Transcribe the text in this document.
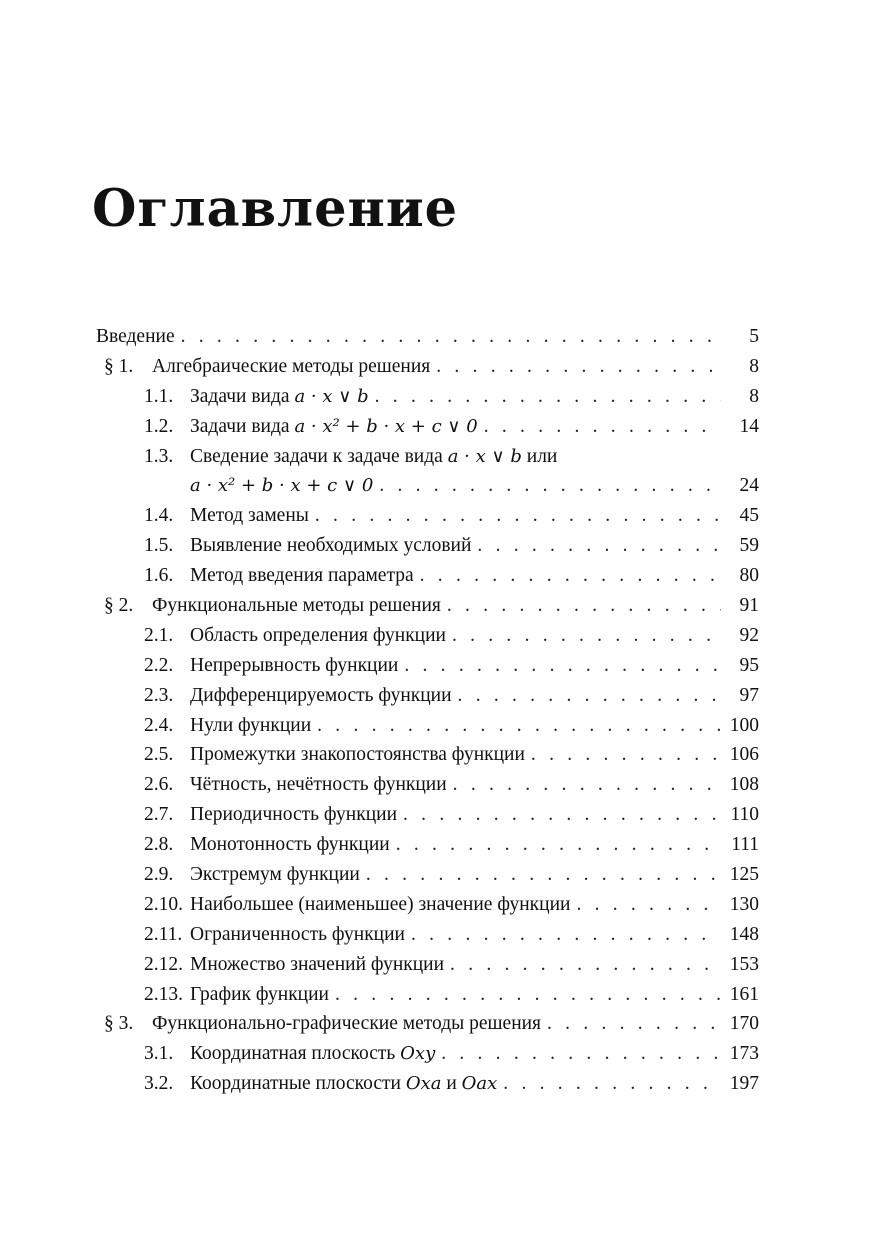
Оглавление
Введение . . .	5
§ 1. Алгебраические методы решения . . .	8
1.1. Задачи вида a · x ∨ b . . .	8
1.2. Задачи вида a · x² + b · x + c ∨ 0 . . .	14
1.3. Сведение задачи к задаче вида a · x ∨ b или
a · x² + b · x + c ∨ 0 . . .	24
1.4. Метод замены . . .	45
1.5. Выявление необходимых условий . . .	59
1.6. Метод введения параметра . . .	80
§ 2. Функциональные методы решения . . .	91
2.1. Область определения функции . . .	92
2.2. Непрерывность функции . . .	95
2.3. Дифференцируемость функции . . .	97
2.4. Нули функции . . .	100
2.5. Промежутки знакопостоянства функции . . .	106
2.6. Чётность, нечётность функции . . .	108
2.7. Периодичность функции . . .	110
2.8. Монотонность функции . . .	111
2.9. Экстремум функции . . .	125
2.10. Наибольшее (наименьшее) значение функции . . .	130
2.11. Ограниченность функции . . .	148
2.12. Множество значений функции . . .	153
2.13. График функции . . .	161
§ 3. Функционально-графические методы решения . . .	170
3.1. Координатная плоскость Oxy . . .	173
3.2. Координатные плоскости Oxa и Oax . . .	197
